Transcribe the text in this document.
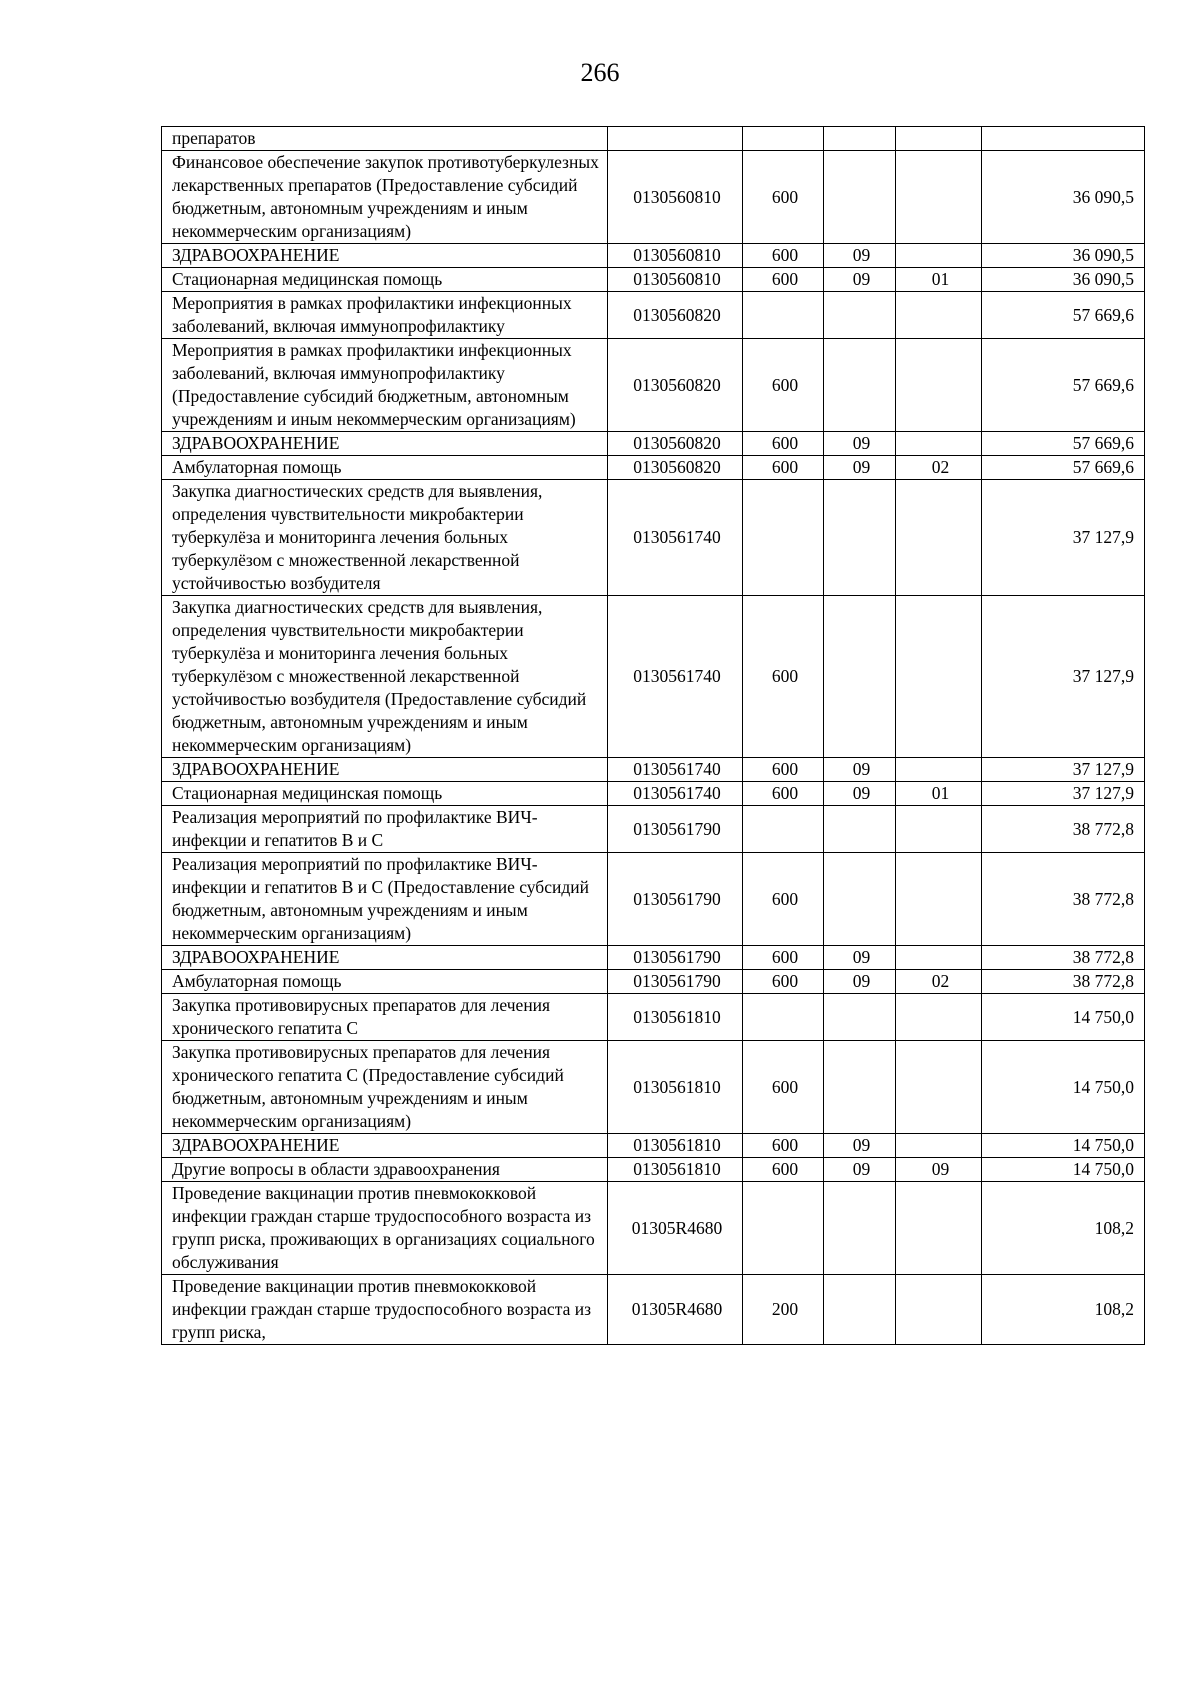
266
препаратов					
Финансовое обеспечение закупок противотуберкулезных лекарственных препаратов (Предоставление субсидий бюджетным, автономным учреждениям и иным некоммерческим организациям)	0130560810	600			36 090,5
ЗДРАВООХРАНЕНИЕ	0130560810	600	09		36 090,5
Стационарная медицинская помощь	0130560810	600	09	01	36 090,5
Мероприятия в рамках профилактики инфекционных заболеваний, включая иммунопрофилактику	0130560820				57 669,6
Мероприятия в рамках профилактики инфекционных заболеваний, включая иммунопрофилактику (Предоставление субсидий бюджетным, автономным учреждениям и иным некоммерческим организациям)	0130560820	600			57 669,6
ЗДРАВООХРАНЕНИЕ	0130560820	600	09		57 669,6
Амбулаторная помощь	0130560820	600	09	02	57 669,6
Закупка диагностических средств для выявления, определения чувствительности микробактерии туберкулёза и мониторинга лечения больных туберкулёзом с множественной лекарственной устойчивостью возбудителя	0130561740				37 127,9
Закупка диагностических средств для выявления, определения чувствительности микробактерии туберкулёза и мониторинга лечения больных туберкулёзом с множественной лекарственной устойчивостью возбудителя (Предоставление субсидий бюджетным, автономным учреждениям и иным некоммерческим организациям)	0130561740	600			37 127,9
ЗДРАВООХРАНЕНИЕ	0130561740	600	09		37 127,9
Стационарная медицинская помощь	0130561740	600	09	01	37 127,9
Реализация мероприятий по профилактике ВИЧ-инфекции и гепатитов В и С	0130561790				38 772,8
Реализация мероприятий по профилактике ВИЧ-инфекции и гепатитов В и С (Предоставление субсидий бюджетным, автономным учреждениям и иным некоммерческим организациям)	0130561790	600			38 772,8
ЗДРАВООХРАНЕНИЕ	0130561790	600	09		38 772,8
Амбулаторная помощь	0130561790	600	09	02	38 772,8
Закупка противовирусных препаратов для лечения хронического гепатита С	0130561810				14 750,0
Закупка противовирусных препаратов для лечения хронического гепатита С (Предоставление субсидий бюджетным, автономным учреждениям и иным некоммерческим организациям)	0130561810	600			14 750,0
ЗДРАВООХРАНЕНИЕ	0130561810	600	09		14 750,0
Другие вопросы в области здравоохранения	0130561810	600	09	09	14 750,0
Проведение вакцинации против пневмококковой инфекции граждан старше трудоспособного возраста из групп риска, проживающих в организациях социального обслуживания	01305R4680				108,2
Проведение вакцинации против пневмококковой инфекции граждан старше трудоспособного возраста из групп риска,	01305R4680	200			108,2
